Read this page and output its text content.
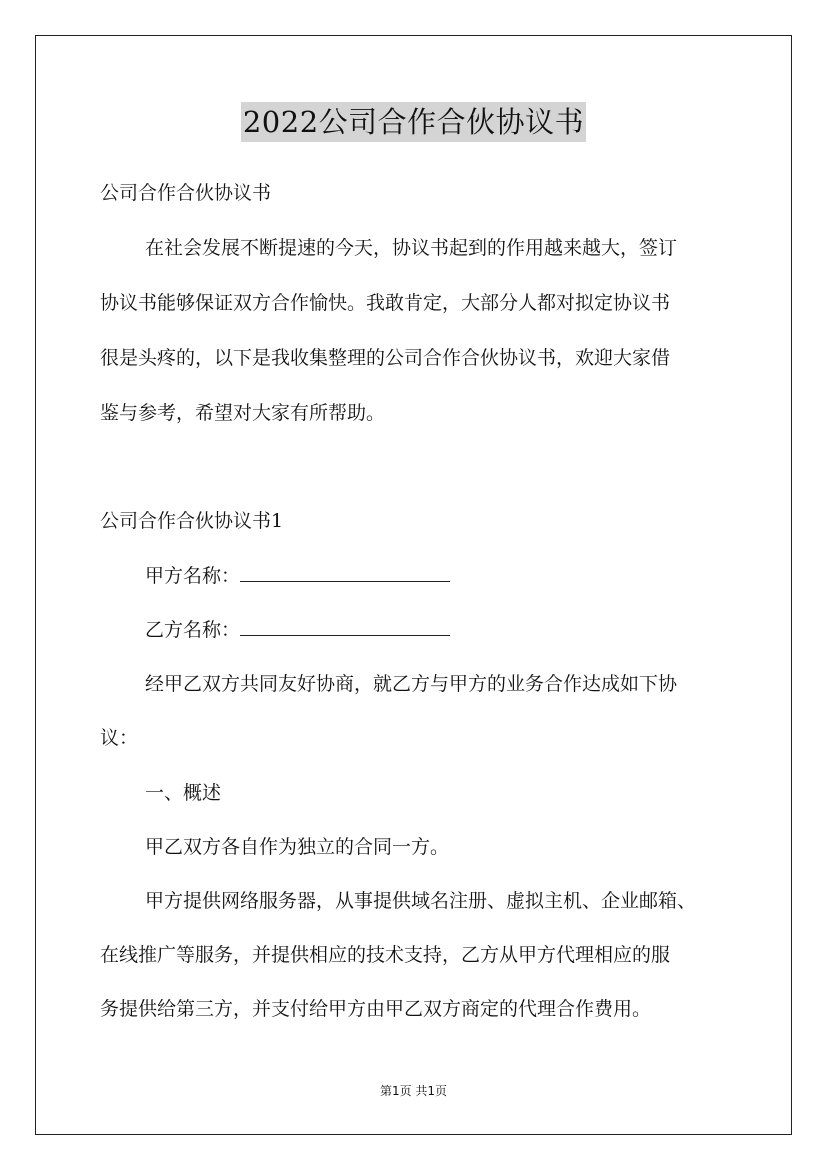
2022公司合作合伙协议书
公司合作合伙协议书
在社会发展不断提速的今天，协议书起到的作用越来越大，签订
协议书能够保证双方合作愉快。我敢肯定，大部分人都对拟定协议书
很是头疼的，以下是我收集整理的公司合作合伙协议书，欢迎大家借
鉴与参考，希望对大家有所帮助。
公司合作合伙协议书1
甲方名称：
乙方名称：
经甲乙双方共同友好协商，就乙方与甲方的业务合作达成如下协
议：
一、概述
甲乙双方各自作为独立的合同一方。
甲方提供网络服务器，从事提供域名注册、虚拟主机、企业邮箱、
在线推广等服务，并提供相应的技术支持，乙方从甲方代理相应的服
务提供给第三方，并支付给甲方由甲乙双方商定的代理合作费用。
第1页 共1页
